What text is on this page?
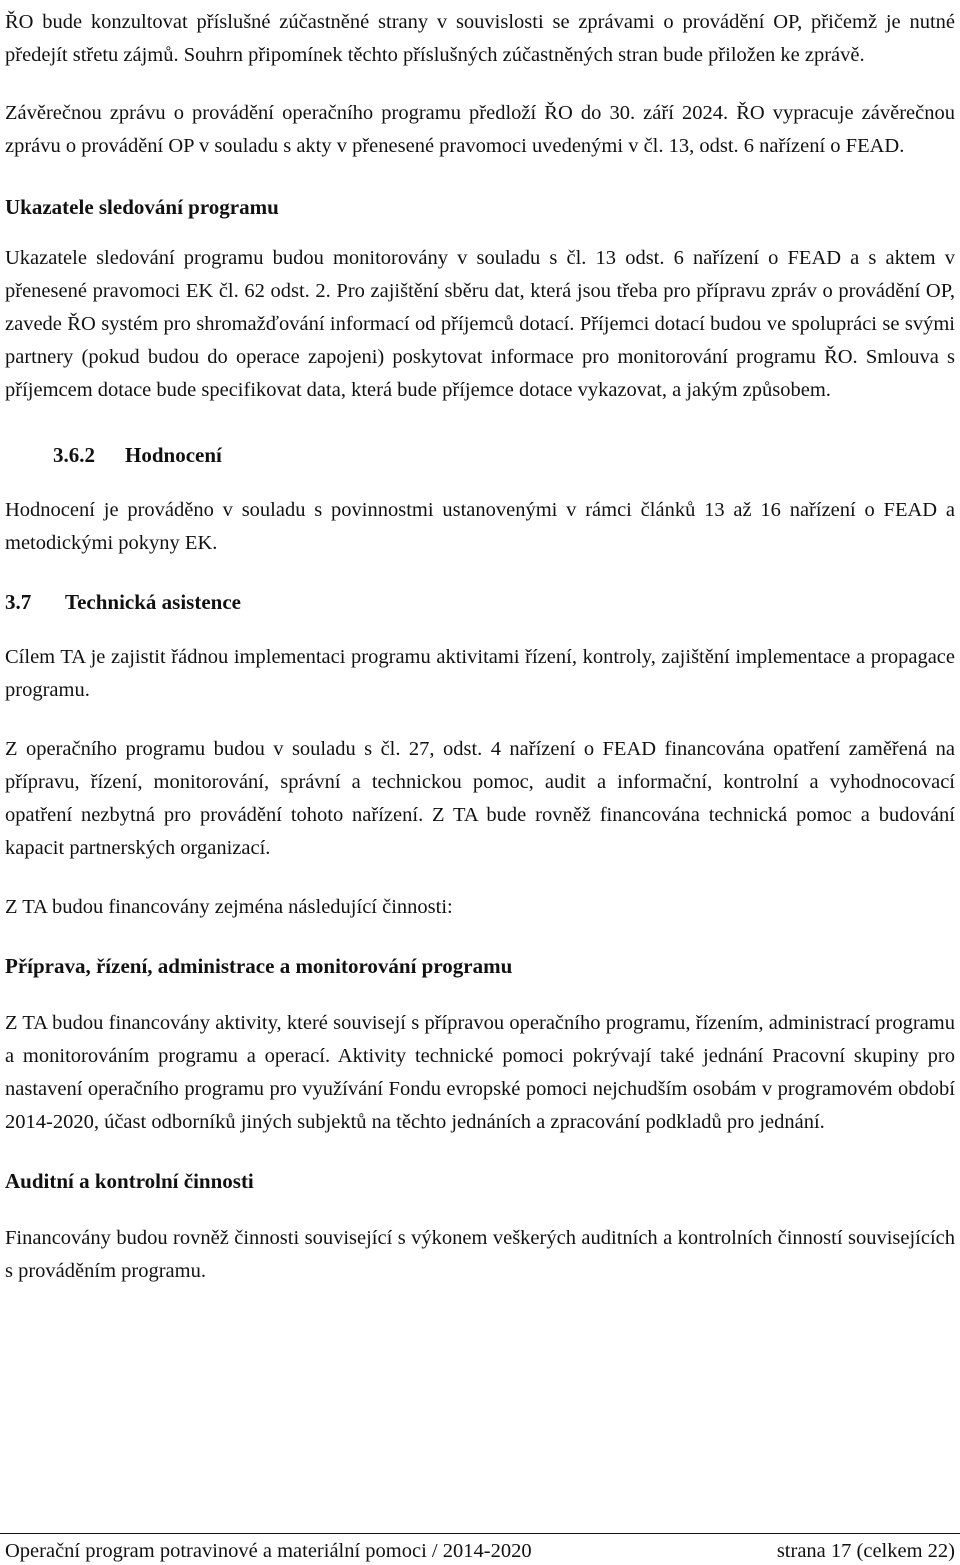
ŘO bude konzultovat příslušné zúčastněné strany v souvislosti se zprávami o provádění OP, přičemž je nutné předejít střetu zájmů. Souhrn připomínek těchto příslušných zúčastněných stran bude přiložen ke zprávě.

Závěrečnou zprávu o provádění operačního programu předloží ŘO do 30. září 2024. ŘO vypracuje závěrečnou zprávu o provádění OP v souladu s akty v přenesené pravomoci uvedenými v čl. 13, odst. 6 nařízení o FEAD.

Ukazatele sledování programu

Ukazatele sledování programu budou monitorovány v souladu s čl. 13 odst. 6 nařízení o FEAD a s aktem v přenesené pravomoci EK čl. 62 odst. 2. Pro zajištění sběru dat, která jsou třeba pro přípravu zpráv o provádění OP, zavede ŘO systém pro shromažďování informací od příjemců dotací. Příjemci dotací budou ve spolupráci se svými partnery (pokud budou do operace zapojeni) poskytovat informace pro monitorování programu ŘO. Smlouva s příjemcem dotace bude specifikovat data, která bude příjemce dotace vykazovat, a jakým způsobem.

3.6.2 Hodnocení

Hodnocení je prováděno v souladu s povinnostmi ustanovenými v rámci článků 13 až 16 nařízení o FEAD a metodickými pokyny EK.

3.7 Technická asistence

Cílem TA je zajistit řádnou implementaci programu aktivitami řízení, kontroly, zajištění implementace a propagace programu.

Z operačního programu budou v souladu s čl. 27, odst. 4 nařízení o FEAD financována opatření zaměřená na přípravu, řízení, monitorování, správní a technickou pomoc, audit a informační, kontrolní a vyhodnocovací opatření nezbytná pro provádění tohoto nařízení. Z TA bude rovněž financována technická pomoc a budování kapacit partnerských organizací.

Z TA budou financovány zejména následující činnosti:

Příprava, řízení, administrace a monitorování programu

Z TA budou financovány aktivity, které souvisejí s přípravou operačního programu, řízením, administrací programu a monitorováním programu a operací. Aktivity technické pomoci pokrývají také jednání Pracovní skupiny pro nastavení operačního programu pro využívání Fondu evropské pomoci nejchudším osobám v programovém období 2014-2020, účast odborníků jiných subjektů na těchto jednáních a zpracování podkladů pro jednání.

Auditní a kontrolní činnosti

Financovány budou rovněž činnosti související s výkonem veškerých auditních a kontrolních činností souvisejících s prováděním programu.

Operační program potravinové a materiální pomoci / 2014-2020	strana 17 (celkem 22)
